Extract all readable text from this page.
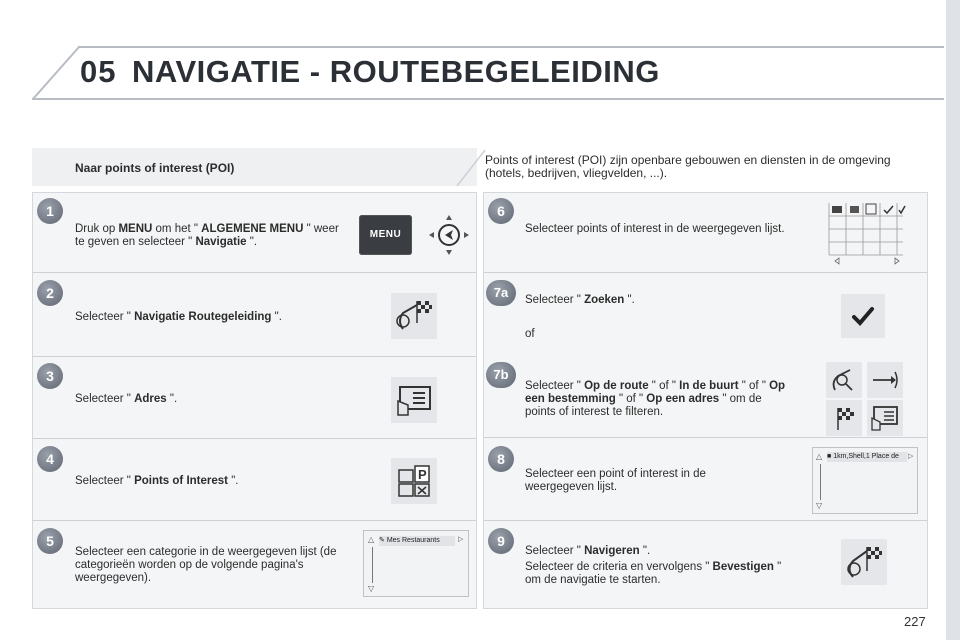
05 NAVIGATIE - ROUTEBEGELEIDING
Naar points of interest (POI)
Points of interest (POI) zijn openbare gebouwen en diensten in de omgeving (hotels, bedrijven, vliegvelden, ...).
1
Druk op MENU om het " ALGEMENE MENU " weer te geven en selecteer " Navigatie ".
MENU
2
Selecteer " Navigatie Routegeleiding ".
3
Selecteer " Adres ".
4
Selecteer " Points of Interest ".	P
5
Selecteer een categorie in de weergegeven lijst (de categorieën worden op de volgende pagina's weergegeven).
△
▽
✎ Mes Restaurants	▷
6
Selecteer points of interest in de weergegeven lijst.
7a	Selecteer " Zoeken ".
of
7b
Selecteer " Op de route " of " In de buurt " of " Op een bestemming " of " Op een adres " om de points of interest te filteren.
8
Selecteer een point of interest in de weergegeven lijst.
△
▽
■ 1km,Shell,1 Place de	▷
9
Selecteer " Navigeren ".
Selecteer de criteria en vervolgens " Bevestigen " om de navigatie te starten.
227
